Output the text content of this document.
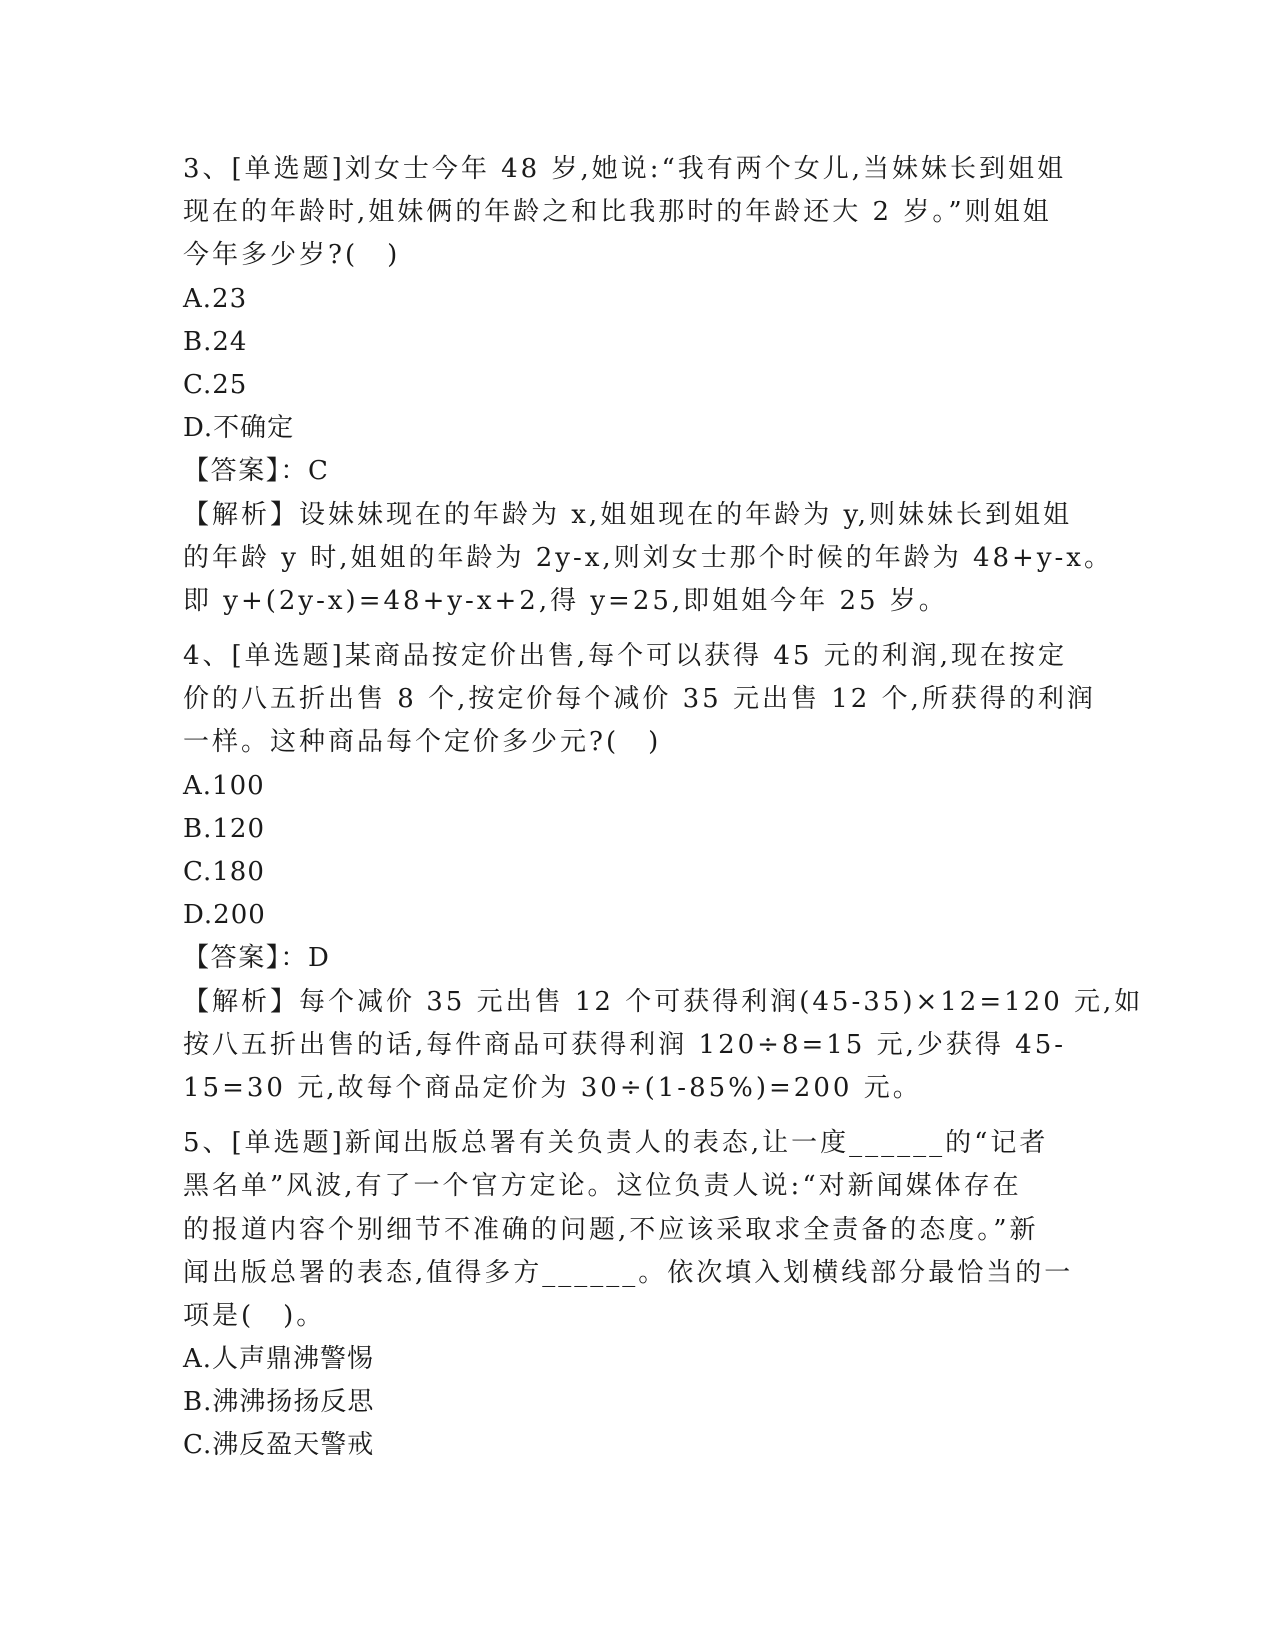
3、[单选题]刘女士今年 48 岁,她说:“我有两个女儿,当妹妹长到姐姐
现在的年龄时,姐妹俩的年龄之和比我那时的年龄还大 2 岁。”则姐姐
今年多少岁?(　)
A.23
B.24
C.25
D.不确定
【答案】：C
【解析】设妹妹现在的年龄为 x,姐姐现在的年龄为 y,则妹妹长到姐姐
的年龄 y 时,姐姐的年龄为 2y-x,则刘女士那个时候的年龄为 48+y-x。
即 y+(2y-x)=48+y-x+2,得 y=25,即姐姐今年 25 岁。
4、[单选题]某商品按定价出售,每个可以获得 45 元的利润,现在按定
价的八五折出售 8 个,按定价每个减价 35 元出售 12 个,所获得的利润
一样。这种商品每个定价多少元?(　)
A.100
B.120
C.180
D.200
【答案】：D
【解析】每个减价 35 元出售 12 个可获得利润(45-35)×12=120 元,如
按八五折出售的话,每件商品可获得利润 120÷8=15 元,少获得 45-
15=30 元,故每个商品定价为 30÷(1-85%)=200 元。
5、[单选题]新闻出版总署有关负责人的表态,让一度______的“记者
黑名单”风波,有了一个官方定论。这位负责人说:“对新闻媒体存在
的报道内容个别细节不准确的问题,不应该采取求全责备的态度。”新
闻出版总署的表态,值得多方______。依次填入划横线部分最恰当的一
项是(　)。
A.人声鼎沸警惕
B.沸沸扬扬反思
C.沸反盈天警戒
